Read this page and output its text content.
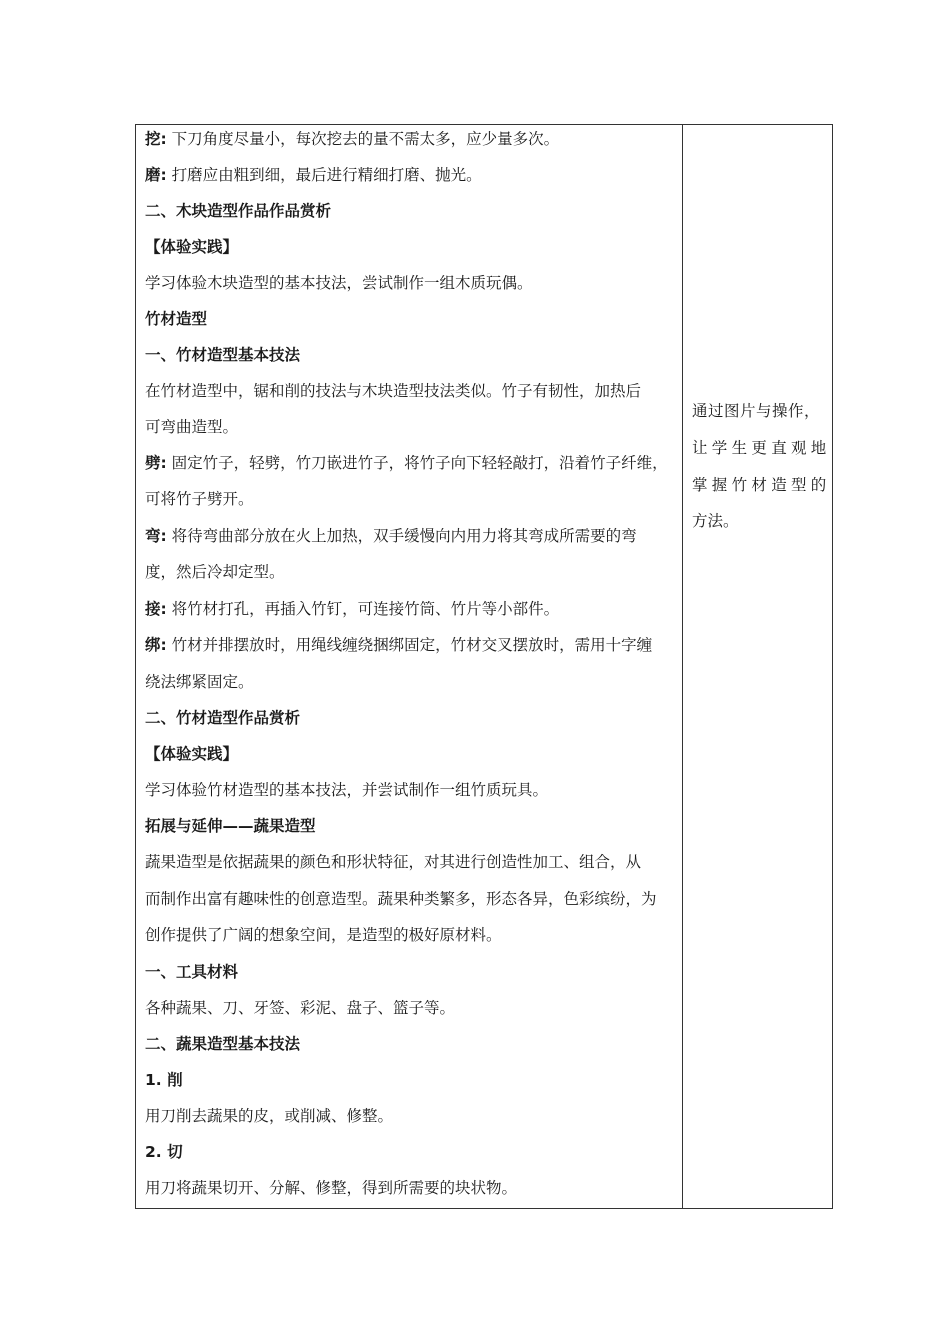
挖: 下刀角度尽量小，每次挖去的量不需太多，应少量多次。
磨: 打磨应由粗到细，最后进行精细打磨、抛光。
二、木块造型作品作品赏析
【体验实践】
学习体验木块造型的基本技法，尝试制作一组木质玩偶。
竹材造型
一、竹材造型基本技法
在竹材造型中，锯和削的技法与木块造型技法类似。竹子有韧性，加热后
可弯曲造型。
劈: 固定竹子，轻劈，竹刀嵌进竹子，将竹子向下轻轻敲打，沿着竹子纤维，
可将竹子劈开。
弯: 将待弯曲部分放在火上加热，双手缓慢向内用力将其弯成所需要的弯
度，然后冷却定型。
接: 将竹材打孔，再插入竹钉，可连接竹筒、竹片等小部件。
绑: 竹材并排摆放时，用绳线缠绕捆绑固定，竹材交叉摆放时，需用十字缠
绕法绑紧固定。
二、竹材造型作品赏析
【体验实践】
学习体验竹材造型的基本技法，并尝试制作一组竹质玩具。
拓展与延伸——蔬果造型
蔬果造型是依据蔬果的颜色和形状特征，对其进行创造性加工、组合，从
而制作出富有趣味性的创意造型。蔬果种类繁多，形态各异，色彩缤纷，为
创作提供了广阔的想象空间，是造型的极好原材料。
一、工具材料
各种蔬果、刀、牙签、彩泥、盘子、篮子等。
二、蔬果造型基本技法
1. 削
用刀削去蔬果的皮，或削减、修整。
2. 切
用刀将蔬果切开、分解、修整，得到所需要的块状物。
通过图片与操作，
让学生更直观地
掌握竹材造型的
方法。
